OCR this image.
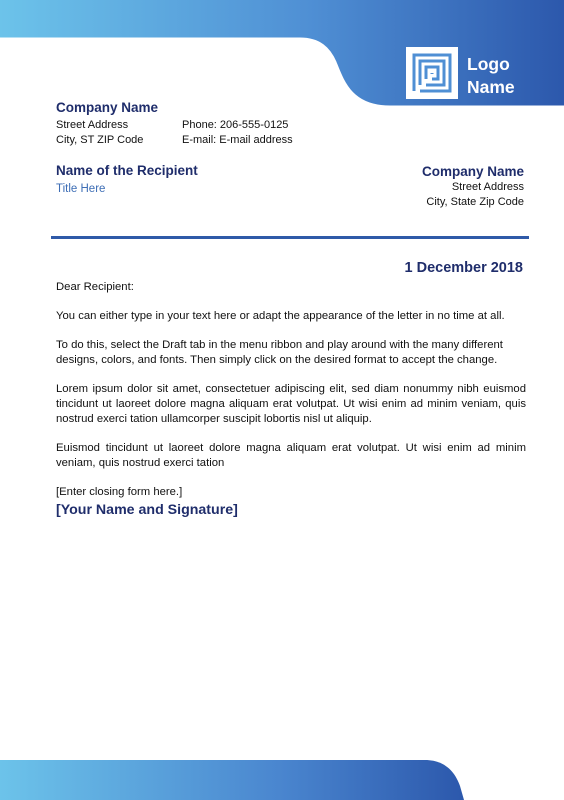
Logo
Name
Company Name
Street Address
City, ST ZIP Code
Phone: 206-555-0125
E-mail: E-mail address
Name of the Recipient
Title Here
Company Name
Street Address
City, State Zip Code
1 December 2018

Dear Recipient:

You can either type in your text here or adapt the appearance of the letter in no time at all.

To do this, select the Draft tab in the menu ribbon and play around with the many different designs, colors, and fonts. Then simply click on the desired format to accept the change.

Lorem ipsum dolor sit amet, consectetuer adipiscing elit, sed diam nonummy nibh euismod tincidunt ut laoreet dolore magna aliquam erat volutpat. Ut wisi enim ad minim veniam, quis nostrud exerci tation ullamcorper suscipit lobortis nisl ut aliquip.

Euismod tincidunt ut laoreet dolore magna aliquam erat volutpat. Ut wisi enim ad minim veniam, quis nostrud exerci tation

[Enter closing form here.]

[Your Name and Signature]
